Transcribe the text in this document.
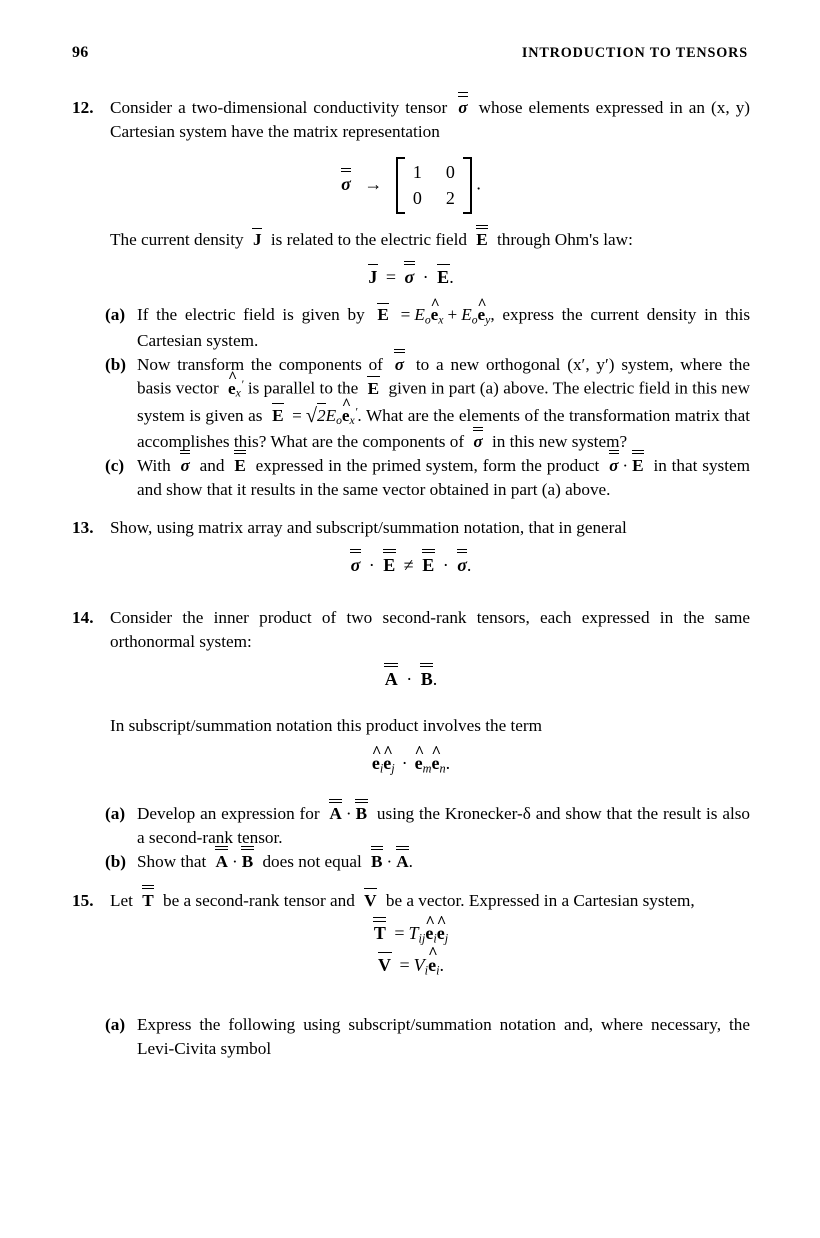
96	INTRODUCTION TO TENSORS
12. Consider a two-dimensional conductivity tensor σ whose elements expressed in an (x, y) Cartesian system have the matrix representation
σ →
1 0
0 2
.
The current density J is related to the electric field E through Ohm's law:
J = σ · E.
(a) If the electric field is given by E = Eo^ ex + Eo^ ey, express the current density in this Cartesian system.
(b) Now transform the components of σ to a new orthogonal (x′, y′) system, where the basis vector ^ ex′ is parallel to the E given in part (a) above. The electric field in this new system is given as E = √2Eo^ ex′. What are the elements of the transformation matrix that accomplishes this? What are the components of σ in this new system?
(c) With σ and E expressed in the primed system, form the product σ · E in that system and show that it results in the same vector obtained in part (a) above.
13. Show, using matrix array and subscript/summation notation, that in general
σ · E ≠ E · σ.
14. Consider the inner product of two second-rank tensors, each expressed in the same orthonormal system:
A · B.
In subscript/summation notation this product involves the term
^ ei^ ej · ^ em^ en.
(a) Develop an expression for A · B using the Kronecker-δ and show that the result is also a second-rank tensor.
(b) Show that A · B does not equal B · A.
15. Let T be a second-rank tensor and V be a vector. Expressed in a Cartesian system,
T = Tij^ ei^ ej
V = Vi^ ei.
(a) Express the following using subscript/summation notation and, where necessary, the Levi-Civita symbol
